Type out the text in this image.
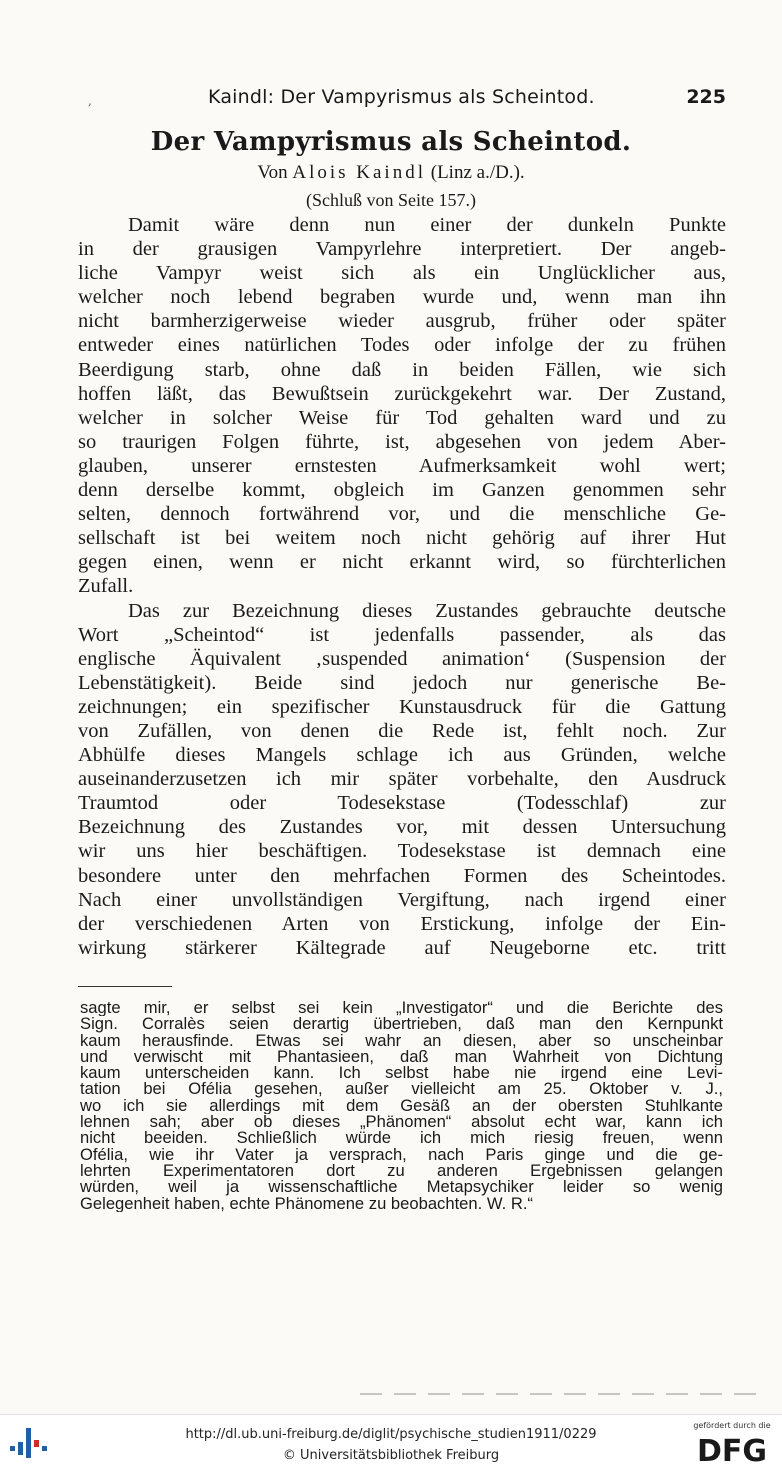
,	Kaindl: Der Vampyrismus als Scheintod.	225
Der Vampyrismus als Scheintod.
Von Alois Kaindl (Linz a./D.).
(Schluß von Seite 157.)
Damit wäre denn nun einer der dunkeln Punkte
in der grausigen Vampyrlehre interpretiert. Der angeb-
liche Vampyr weist sich als ein Unglücklicher aus,
welcher noch lebend begraben wurde und, wenn man ihn
nicht barmherzigerweise wieder ausgrub, früher oder später
entweder eines natürlichen Todes oder infolge der zu frühen
Beerdigung starb, ohne daß in beiden Fällen, wie sich
hoffen läßt, das Bewußtsein zurückgekehrt war. Der Zustand,
welcher in solcher Weise für Tod gehalten ward und zu
so traurigen Folgen führte, ist, abgesehen von jedem Aber-
glauben, unserer ernstesten Aufmerksamkeit wohl wert;
denn derselbe kommt, obgleich im Ganzen genommen sehr
selten, dennoch fortwährend vor, und die menschliche Ge-
sellschaft ist bei weitem noch nicht gehörig auf ihrer Hut
gegen einen, wenn er nicht erkannt wird, so fürchterlichen
Zufall.
Das zur Bezeichnung dieses Zustandes gebrauchte deutsche
Wort „Scheintod“ ist jedenfalls passender, als das
englische Äquivalent ‚suspended animation‘ (Suspension der
Lebenstätigkeit). Beide sind jedoch nur generische Be-
zeichnungen; ein spezifischer Kunstausdruck für die Gattung
von Zufällen, von denen die Rede ist, fehlt noch. Zur
Abhülfe dieses Mangels schlage ich aus Gründen, welche
auseinanderzusetzen ich mir später vorbehalte, den Ausdruck
Traumtod oder Todesekstase (Todesschlaf) zur
Bezeichnung des Zustandes vor, mit dessen Untersuchung
wir uns hier beschäftigen. Todesekstase ist demnach eine
besondere unter den mehrfachen Formen des Scheintodes.
Nach einer unvollständigen Vergiftung, nach irgend einer
der verschiedenen Arten von Erstickung, infolge der Ein-
wirkung stärkerer Kältegrade auf Neugeborne etc. tritt
sagte mir, er selbst sei kein „Investigator“ und die Berichte des
Sign. Corralès seien derartig übertrieben, daß man den Kernpunkt
kaum herausfinde. Etwas sei wahr an diesen, aber so unscheinbar
und verwischt mit Phantasieen, daß man Wahrheit von Dichtung
kaum unterscheiden kann. Ich selbst habe nie irgend eine Levi-
tation bei Ofélia gesehen, außer vielleicht am 25. Oktober v. J.,
wo ich sie allerdings mit dem Gesäß an der obersten Stuhlkante
lehnen sah; aber ob dieses „Phänomen“ absolut echt war, kann ich
nicht beeiden. Schließlich würde ich mich riesig freuen, wenn
Ofélia, wie ihr Vater ja versprach, nach Paris ginge und die ge-
lehrten Experimentatoren dort zu anderen Ergebnissen gelangen
würden, weil ja wissenschaftliche Metapsychiker leider so wenig
Gelegenheit haben, echte Phänomene zu beobachten. W. R.“
http://dl.ub.uni-freiburg.de/diglit/psychische_studien1911/0229
© Universitätsbibliothek Freiburg
gefördert durch die
DFG
